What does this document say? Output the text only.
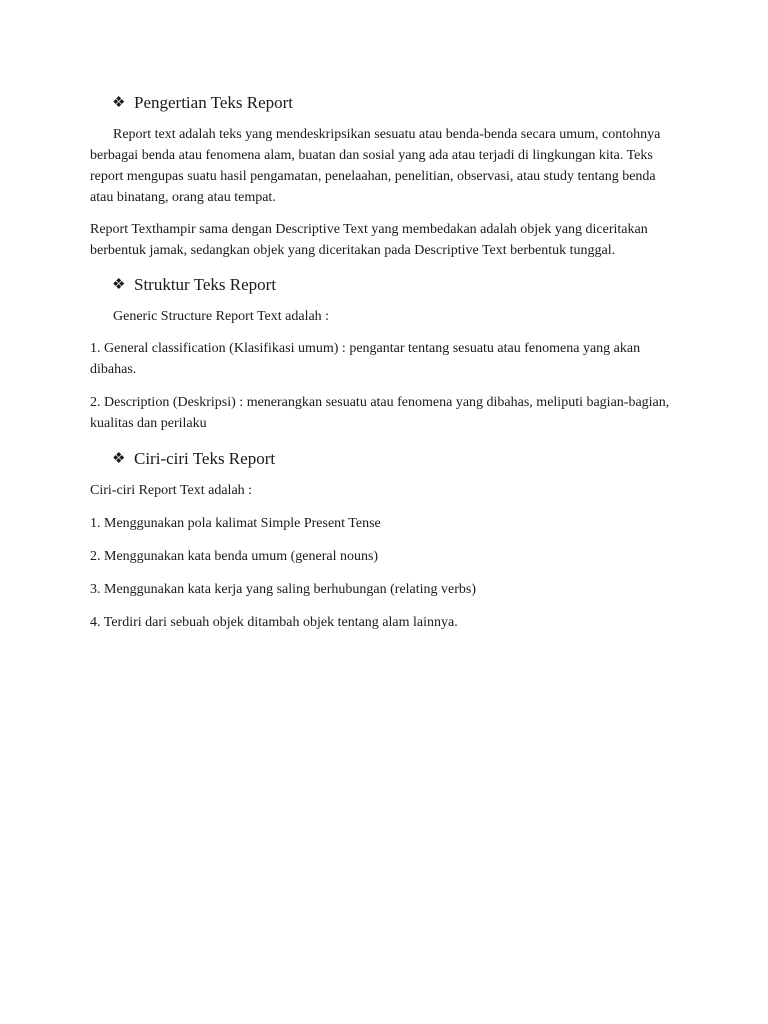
❖ Pengertian Teks Report

Report text adalah teks yang mendeskripsikan sesuatu atau benda-benda secara umum, contohnya berbagai benda atau fenomena alam, buatan dan sosial yang ada atau terjadi di lingkungan kita. Teks report mengupas suatu hasil pengamatan, penelaahan, penelitian, observasi, atau study tentang benda atau binatang, orang atau tempat.

Report Texthampir sama dengan Descriptive Text yang membedakan adalah objek yang diceritakan berbentuk jamak, sedangkan objek yang diceritakan pada Descriptive Text berbentuk tunggal.

❖ Struktur Teks Report

Generic Structure Report Text adalah :

1. General classification (Klasifikasi umum) : pengantar tentang sesuatu atau fenomena yang akan dibahas.

2. Description (Deskripsi) : menerangkan sesuatu atau fenomena yang dibahas, meliputi bagian-bagian, kualitas dan perilaku

❖ Ciri-ciri Teks Report

Ciri-ciri Report Text adalah :

1. Menggunakan pola kalimat Simple Present Tense

2. Menggunakan kata benda umum (general nouns)

3. Menggunakan kata kerja yang saling berhubungan (relating verbs)

4. Terdiri dari sebuah objek ditambah objek tentang alam lainnya.
